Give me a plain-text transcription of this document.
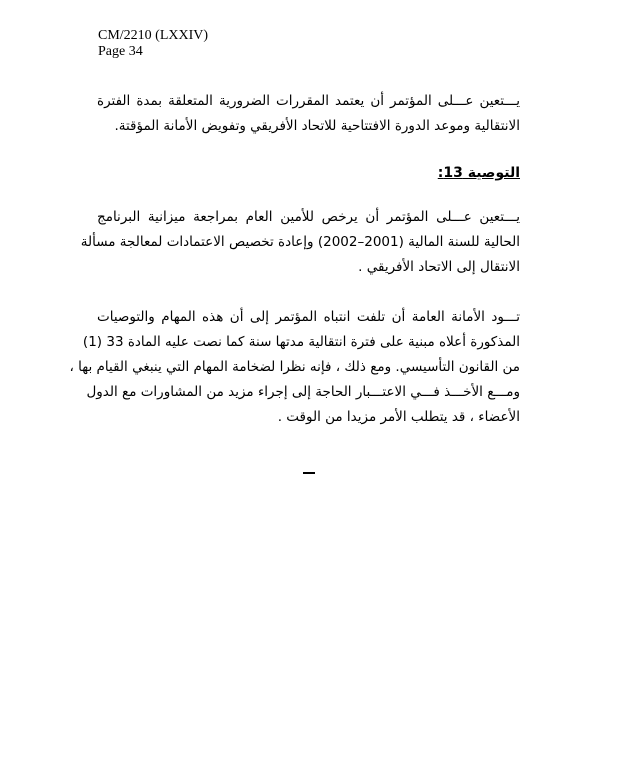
CM/2210 (LXXIV)
Page 34
يـــتعين عـــلى المؤتمر أن يعتمد المقررات الضرورية المتعلقة بمدة الفترة
الانتقالية وموعد الدورة الافتتاحية للاتحاد الأفريقي وتفويض الأمانة المؤقتة.
التوصية 13:
يـــتعين عـــلى المؤتمر أن يرخص للأمين العام بمراجعة ميزانية البرنامج
الحالية للسنة المالية (2001–2002) وإعادة تخصيص الاعتمادات لمعالجة مسألة
الانتقال إلى الاتحاد الأفريقي .
تـــود الأمانة العامة أن تلفت انتباه المؤتمر إلى أن هذه المهام والتوصيات
المذكورة أعلاه مبنية على فترة انتقالية مدتها سنة كما نصت عليه المادة 33 (1)
من القانون التأسيسي. ومع ذلك ، فإنه نظرا لضخامة المهام التي ينبغي القيام بها ،
ومـــع الأخـــذ فـــي الاعتـــبار الحاجة إلى إجراء مزيد من المشاورات مع الدول
الأعضاء ، قد يتطلب الأمر مزيدا من الوقت .
